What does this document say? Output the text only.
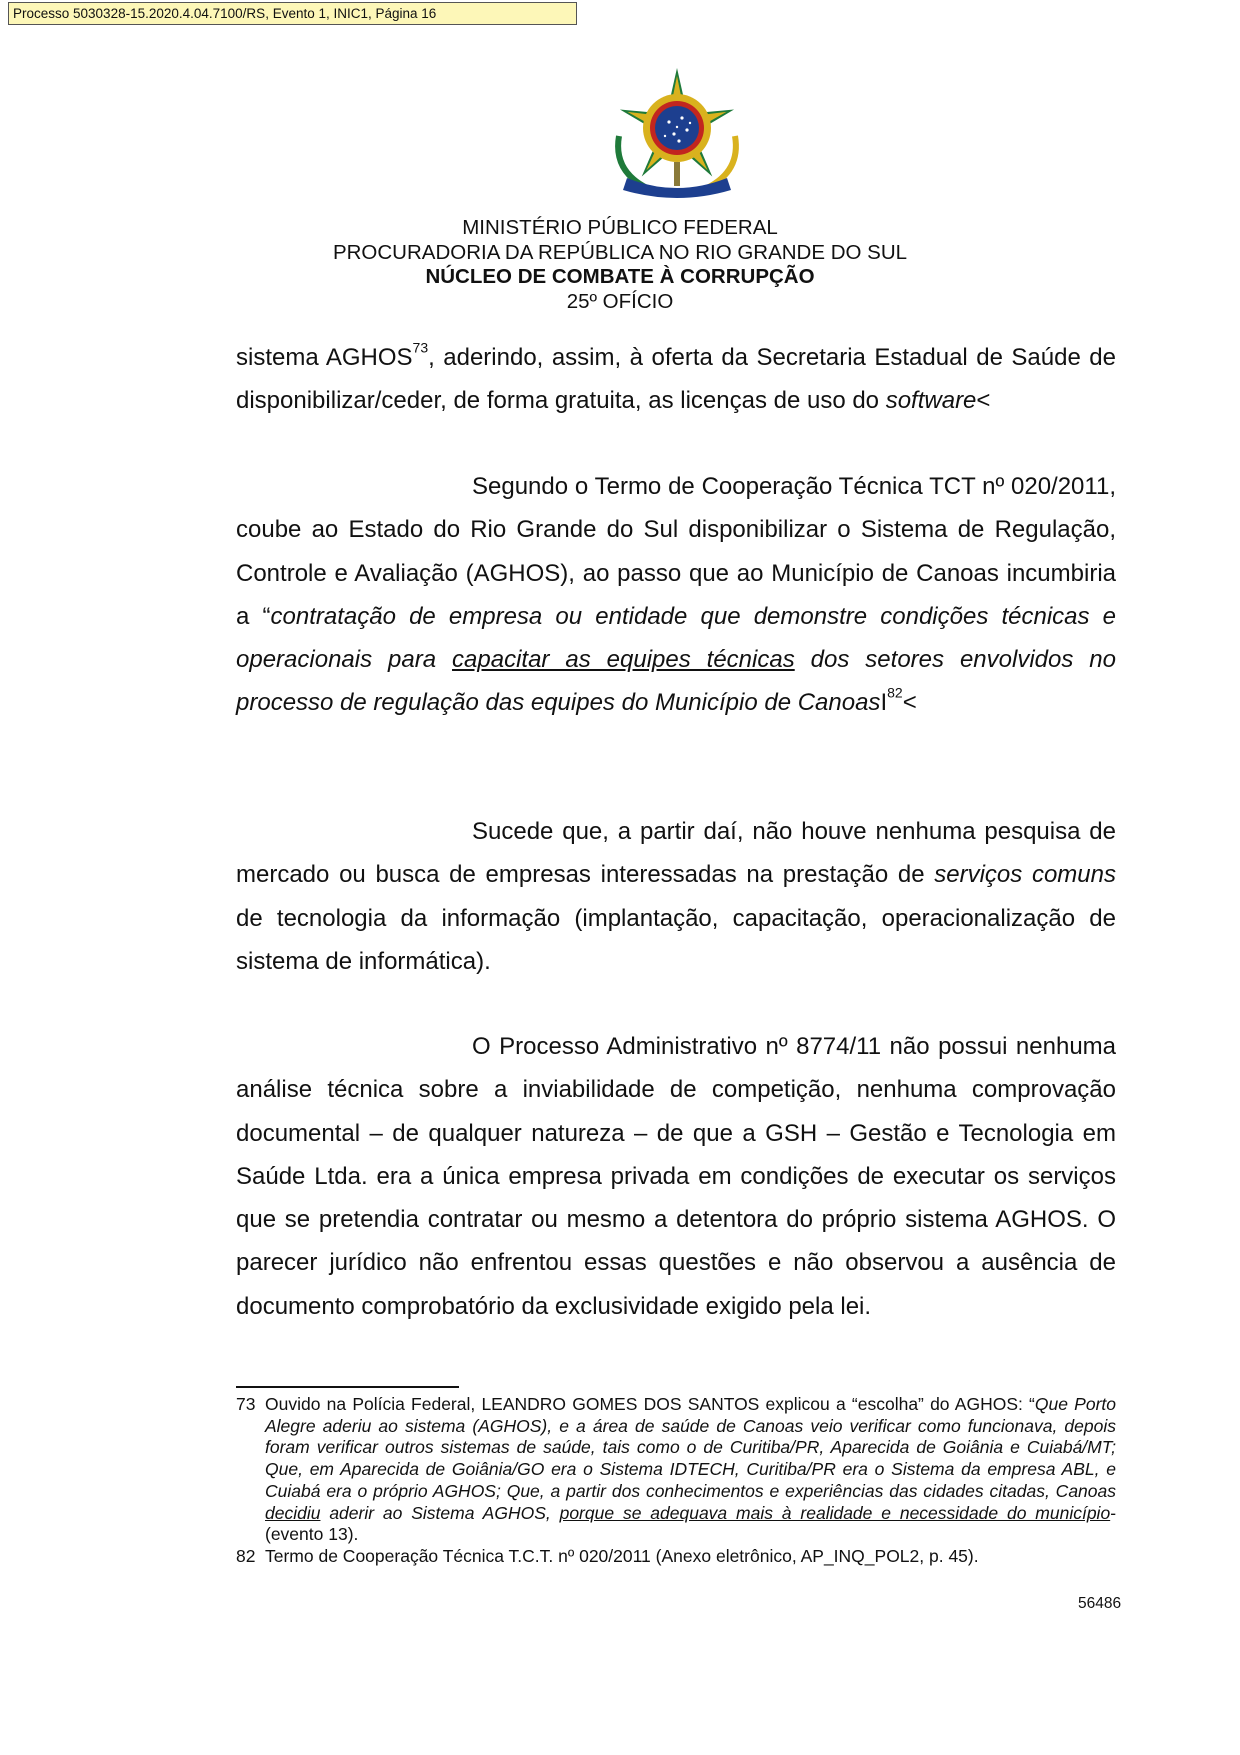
Processo 5030328-15.2020.4.04.7100/RS, Evento 1, INIC1, Página 16
MINISTÉRIO PÚBLICO FEDERAL
PROCURADORIA DA REPÚBLICA NO RIO GRANDE DO SUL
NÚCLEO DE COMBATE À CORRUPÇÃO
25º OFÍCIO
sistema AGHOS$^{73}$, aderindo, assim, à oferta da Secretaria Estadual de Saúde de disponibilizar/ceder, de forma gratuita, as licenças de uso do software<
Segundo o Termo de Cooperação Técnica TCT nº 020/2011, coube ao Estado do Rio Grande do Sul disponibilizar o Sistema de Regulação, Controle e Avaliação (AGHOS), ao passo que ao Município de Canoas incumbiria a “contratação de empresa ou entidade que demonstre condições técnicas e operacionais para capacitar as equipes técnicas dos setores envolvidos no processo de regulação das equipes do Município de CanoasI$^{82}$<
Sucede que, a partir daí, não houve nenhuma pesquisa de mercado ou busca de empresas interessadas na prestação de serviços comuns de tecnologia da informação (implantação, capacitação, operacionalização de sistema de informática).
O Processo Administrativo nº 8774/11 não possui nenhuma análise técnica sobre a inviabilidade de competição, nenhuma comprovação documental – de qualquer natureza – de que a GSH – Gestão e Tecnologia em Saúde Ltda. era a única empresa privada em condições de executar os serviços que se pretendia contratar ou mesmo a detentora do próprio sistema AGHOS. O parecer jurídico não enfrentou essas questões e não observou a ausência de documento comprobatório da exclusividade exigido pela lei.
73 Ouvido na Polícia Federal, LEANDRO GOMES DOS SANTOS explicou a “escolha” do AGHOS: “Que Porto Alegre aderiu ao sistema (AGHOS), e a área de saúde de Canoas veio verificar como funcionava, depois foram verificar outros sistemas de saúde, tais como o de Curitiba/PR, Aparecida de Goiânia e Cuiabá/MT; Que, em Aparecida de Goiânia/GO era o Sistema IDTECH, Curitiba/PR era o Sistema da empresa ABL, e Cuiabá era o próprio AGHOS; Que, a partir dos conhecimentos e experiências das cidades citadas, Canoas decidiu aderir ao Sistema AGHOS, porque se adequava mais à realidade e necessidade do município- (evento 13).
82 Termo de Cooperação Técnica T.C.T. nº 020/2011 (Anexo eletrônico, AP_INQ_POL2, p. 45).
56486
